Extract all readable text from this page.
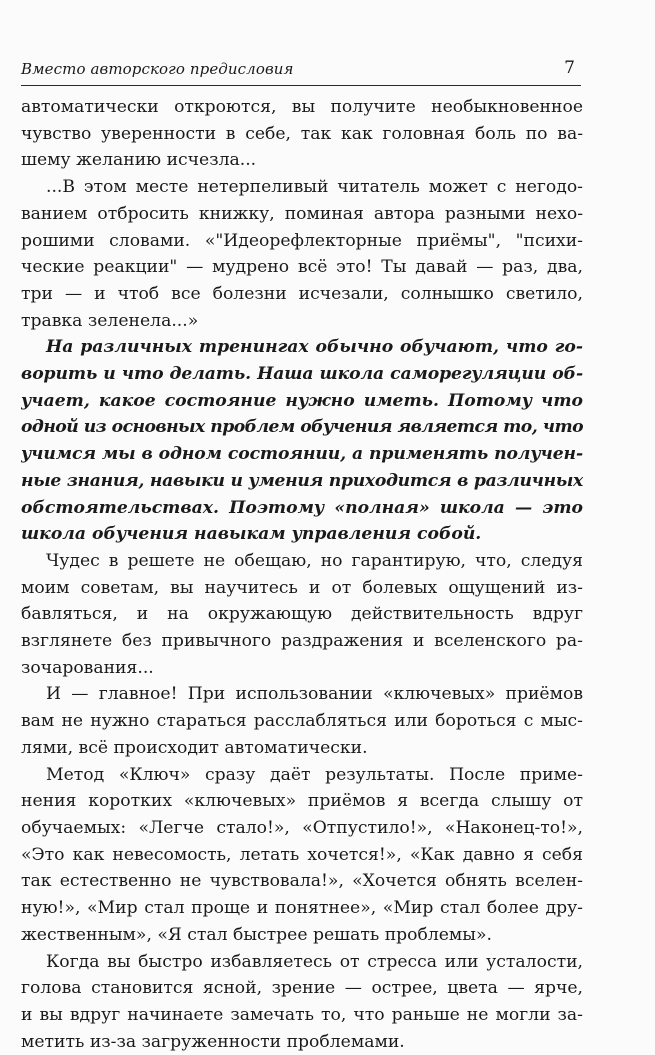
Вместо авторского предисловия	7
автоматически откроются, вы получите необыкновенное
чувство уверенности в себе, так как головная боль по ва-
шему желанию исчезла...
...В этом месте нетерпеливый читатель может с негодо-
ванием отбросить книжку, поминая автора разными нехо-
рошими словами. «"Идеорефлекторные приёмы", "психи-
ческие реакции" — мудрено всё это! Ты давай — раз, два,
три — и чтоб все болезни исчезали, солнышко светило,
травка зеленела...»
На различных тренингах обычно обучают, что го-
ворить и что делать. Наша школа саморегуляции об-
учает, какое состояние нужно иметь. Потому что
одной из основных проблем обучения является то, что
учимся мы в одном состоянии, а применять получен-
ные знания, навыки и умения приходится в различных
обстоятельствах. Поэтому «полная» школа — это
школа обучения навыкам управления собой.
Чудес в решете не обещаю, но гарантирую, что, следуя
моим советам, вы научитесь и от болевых ощущений из-
бавляться, и на окружающую действительность вдруг
взглянете без привычного раздражения и вселенского ра-
зочарования...
И — главное! При использовании «ключевых» приёмов
вам не нужно стараться расслабляться или бороться с мыс-
лями, всё происходит автоматически.
Метод «Ключ» сразу даёт результаты. После приме-
нения коротких «ключевых» приёмов я всегда слышу от
обучаемых: «Легче стало!», «Отпустило!», «Наконец-то!»,
«Это как невесомость, летать хочется!», «Как давно я себя
так естественно не чувствовала!», «Хочется обнять вселен-
ную!», «Мир стал проще и понятнее», «Мир стал более дру-
жественным», «Я стал быстрее решать проблемы».
Когда вы быстро избавляетесь от стресса или усталости,
голова становится ясной, зрение — острее, цвета — ярче,
и вы вдруг начинаете замечать то, что раньше не могли за-
метить из-за загруженности проблемами.
